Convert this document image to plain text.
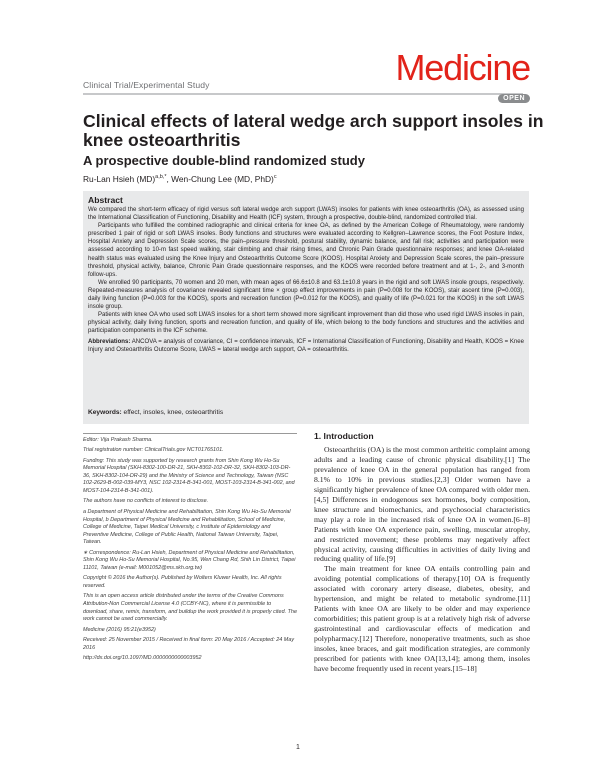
Clinical Trial/Experimental Study	Medicine
OPEN
Clinical effects of lateral wedge arch support insoles in knee osteoarthritis
A prospective double-blind randomized study
Ru-Lan Hsieh (MD)$^{a,b,*}$, Wen-Chung Lee (MD, PhD)$^c$
Abstract

We compared the short-term efficacy of rigid versus soft lateral wedge arch support (LWAS) insoles for patients with knee osteoarthritis (OA), as assessed using the International Classification of Functioning, Disability and Health (ICF) system, through a prospective, double-blind, randomized controlled trial.

Participants who fulfilled the combined radiographic and clinical criteria for knee OA, as defined by the American College of Rheumatology, were randomly prescribed 1 pair of rigid or soft LWAS insoles. Body functions and structures were evaluated according to Kellgren–Lawrence scores, the Foot Posture Index, Hospital Anxiety and Depression Scale scores, the pain–pressure threshold, postural stability, dynamic balance, and fall risk; activities and participation were assessed according to 10-m fast speed walking, stair climbing and chair rising times, and Chronic Pain Grade questionnaire responses; and knee OA-related health status was evaluated using the Knee Injury and Osteoarthritis Outcome Score (KOOS). Hospital Anxiety and Depression Scale scores, the pain–pressure threshold, physical activity, balance, Chronic Pain Grade questionnaire responses, and the KOOS were recorded before treatment and at 1-, 2-, and 3-month follow-ups.

We enrolled 90 participants, 70 women and 20 men, with mean ages of 66.6±10.8 and 63.1±10.8 years in the rigid and soft LWAS insole groups, respectively. Repeated-measures analysis of covariance revealed significant time × group effect improvements in pain (P=0.008 for the KOOS), stair ascent time (P=0.003), daily living function (P=0.003 for the KOOS), sports and recreation function (P=0.012 for the KOOS), and quality of life (P=0.021 for the KOOS) in the soft LWAS insole group.

Patients with knee OA who used soft LWAS insoles for a short term showed more significant improvement than did those who used rigid LWAS insoles in pain, physical activity, daily living function, sports and recreation function, and quality of life, which belong to the body functions and structures and the activities and participation components in the ICF scheme.

Abbreviations: ANCOVA = analysis of covariance, CI = confidence intervals, ICF = International Classification of Functioning, Disability and Health, KOOS = Knee Injury and Osteoarthritis Outcome Score, LWAS = lateral wedge arch support, OA = osteoarthritis.

Keywords: effect, insoles, knee, osteoarthritis

Editor: Vija Prakash Sharma.

Trial registration number: ClinicalTrials.gov NCT01765101.

Funding: This study was supported by research grants from Shin Kong Wu Ho-Su Memorial Hospital (SKH-8302-100-DR-21, SKH-8302-102-DR-32, SKH-8302-103-DR-36, SKH-8302-104-DR-29) and the Ministry of Science and Technology, Taiwan (NSC 102-2629-B-002-039-MY3, NSC 102-2314-B-341-001, MOST-103-2314-B-341-002, and MOST-104-2314-B-341-001).

The authors have no conflicts of interest to disclose.

a Department of Physical Medicine and Rehabilitation, Shin Kong Wu Ho-Su Memorial Hospital, b Department of Physical Medicine and Rehabilitation, School of Medicine, College of Medicine, Taipei Medical University, c Institute of Epidemiology and Preventive Medicine, College of Public Health, National Taiwan University, Taipei, Taiwan.

∗ Correspondence: Ru-Lan Hsieh, Department of Physical Medicine and Rehabilitation, Shin Kong Wu Ho-Su Memorial Hospital, No.95, Wen Chang Rd, Shih Lin District, Taipei 11101, Taiwan (e-mail: M001052@ms.skh.org.tw)

Copyright © 2016 the Author(s). Published by Wolters Kluwer Health, Inc. All rights reserved.

This is an open access article distributed under the terms of the Creative Commons Attribution-Non Commercial License 4.0 (CCBY-NC), where it is permissible to download, share, remix, transform, and buildup the work provided it is properly cited. The work cannot be used commercially.

Medicine (2016) 95:21(e3952)

Received: 25 November 2015 / Received in final form: 20 May 2016 / Accepted: 24 May 2016

http://dx.doi.org/10.1097/MD.0000000000003952

1. Introduction

Osteoarthritis (OA) is the most common arthritic complaint among adults and a leading cause of chronic physical disability.[1] The prevalence of knee OA in the general population has ranged from 8.1% to 10% in previous studies.[2,3] Older women have a significantly higher prevalence of knee OA compared with older men.[4,5] Differences in endogenous sex hormones, body composition, knee structure and biomechanics, and psychosocial characteristics may play a role in the increased risk of knee OA in women.[6–8] Patients with knee OA experience pain, swelling, muscular atrophy, and restricted movement; these problems may negatively affect physical activity, causing difficulties in activities of daily living and reducing quality of life.[9]

The main treatment for knee OA entails controlling pain and avoiding potential complications of therapy.[10] OA is frequently associated with coronary artery disease, diabetes, obesity, and hypertension, and might be related to metabolic syndrome.[11] Patients with knee OA are likely to be older and may experience comorbidities; this patient group is at a relatively high risk of adverse gastrointestinal and cardiovascular effects of medication and polypharmacy.[12] Therefore, nonoperative treatments, such as shoe insoles, knee braces, and gait modification strategies, are commonly prescribed for patients with knee OA[13,14]; among them, insoles have become frequently used in recent years.[15–18]

1
